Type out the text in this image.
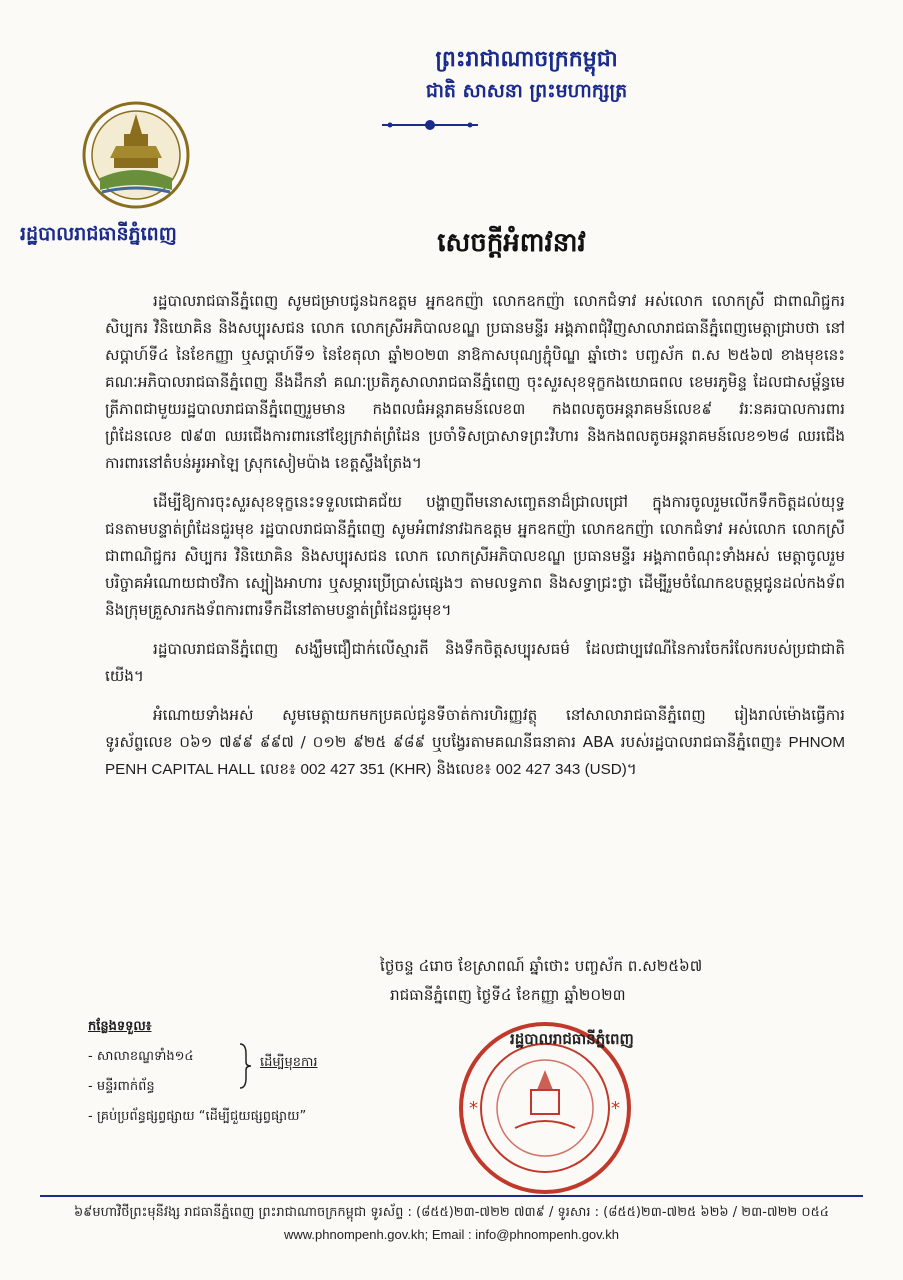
ព្រះរាជាណាចក្រកម្ពុជា
ជាតិ សាសនា ព្រះមហាក្សត្រ
រដ្ឋបាលរាជធានីភ្នំពេញ	សេចក្តីអំពាវនាវ

រដ្ឋបាលរាជធានីភ្នំពេញ សូមជម្រាបជូនឯកឧត្តម អ្នកឧកញ៉ា លោកឧកញ៉ា លោកជំទាវ អស់លោក លោកស្រី ជាពាណិជ្ជករ សិប្បករ វិនិយោគិន និងសប្បុរសជន លោក លោកស្រីអភិបាលខណ្ឌ ប្រធានមន្ទីរ អង្គភាពជុំវិញសាលារាជធានីភ្នំពេញមេត្តាជ្រាបថា នៅ សប្តាហ៍ទី៤ នៃខែកញ្ញា ឬសប្តាហ៍ទី១ នៃខែតុលា ឆ្នាំ២០២៣ នាឱកាសបុណ្យភ្ជុំបិណ្ឌ ឆ្នាំថោះ បញ្ចស័ក ព.ស ២៥៦៧ ខាងមុខនេះ គណៈអភិបាលរាជធានីភ្នំពេញ នឹងដឹកនាំ គណៈប្រតិភូសាលារាជធានីភ្នំពេញ ចុះសួរសុខទុក្ខកងយោធពល ខេមរភូមិន្ទ ដែលជាសម្ព័ន្ធមេត្រីភាពជាមួយរដ្ឋបាលរាជធានីភ្នំពេញរួមមាន កងពលធំអន្តរាគមន៍លេខ៣ កងពលតូចអន្តរាគមន៍លេខ៩ វរៈនគរបាលការពារព្រំដែនលេខ ៧៩៣ ឈរជើងការពារនៅខ្សែក្រវាត់ព្រំដែន ប្រចាំទិសប្រាសាទព្រះវិហារ និងកងពលតូចអន្តរាគមន៍លេខ១២៨ ឈរជើង ការពារនៅតំបន់អូរអាឡៃ ស្រុកសៀមប៉ាង ខេត្តស្ទឹងត្រែង។

ដើម្បីឱ្យការចុះសួរសុខទុក្ខនេះទទួលជោគជ័យ បង្ហាញពីមនោសញ្ចេតនាដ៏ជ្រាលជ្រៅ ក្នុងការចូលរួមលើកទឹកចិត្តដល់យុទ្ធជនតាមបន្ទាត់ព្រំដែនជួរមុខ រដ្ឋបាលរាជធានីភ្នំពេញ សូមអំពាវនាវឯកឧត្តម អ្នកឧកញ៉ា លោកឧកញ៉ា លោកជំទាវ អស់លោក លោកស្រី ជាពាណិជ្ជករ សិប្បករ វិនិយោគិន និងសប្បុរសជន លោក លោកស្រីអភិបាលខណ្ឌ ប្រធានមន្ទីរ អង្គភាពចំណុះទាំងអស់ មេត្តាចូលរួមបរិច្ចាគអំណោយជាថវិកា ស្បៀងអាហារ ឬសម្ភារប្រើប្រាស់ផ្សេងៗ តាមលទ្ធភាព និងសទ្ធាជ្រះថ្លា ដើម្បីរួមចំណែកឧបត្ថម្ភជូនដល់កងទ័ព និងក្រុមគ្រួសារកងទ័ពការពារទឹកដីនៅតាមបន្ទាត់ព្រំដែនជួរមុខ។

រដ្ឋបាលរាជធានីភ្នំពេញ សង្ឃឹមជឿជាក់លើស្មារតី និងទឹកចិត្តសប្បុរសធម៌ ដែលជាប្បវេណីនៃការចែករំលែករបស់ប្រជាជាតិយើង។

អំណោយទាំងអស់ សូមមេត្តាយកមកប្រគល់ជូនទីចាត់ការហិរញ្ញវត្ថុ នៅសាលារាជធានីភ្នំពេញ រៀងរាល់ម៉ោងធ្វើការ ទូរស័ព្ទលេខ ០៦១ ៧៩៩ ៩៩៧ / ០១២ ៩២៥ ៩៨៩ ឬបង្វែរតាមគណនីធនាគារ ABA របស់រដ្ឋបាលរាជធានីភ្នំពេញ៖ PHNOM PENH CAPITAL HALL លេខ៖ 002 427 351 (KHR) និងលេខ៖ 002 427 343 (USD)។

ថ្ងៃចន្ទ ៤រោច ខែស្រាពណ៍ ឆ្នាំថោះ បញ្ចស័ក ព.ស២៥៦៧
រាជធានីភ្នំពេញ ថ្ងៃទី៤ ខែកញ្ញា ឆ្នាំ២០២៣
*	*
រដ្ឋបាលរាជធានីភ្នំពេញ
កន្លែងទទួល៖
- សាលាខណ្ឌទាំង១៤
- មន្ទីរពាក់ព័ន្ធ
- គ្រប់ប្រព័ន្ធផ្សព្វផ្សាយ “ដើម្បីជួយផ្សព្វផ្សាយ”
ដើម្បីមុខការ
៦៩មហាវិថីព្រះមុនីវង្ស រាជធានីភ្នំពេញ ព្រះរាជាណាចក្រកម្ពុជា ទូរស័ព្ទ : (៨៥៥)២៣-៧២២ ៧៣៩ / ទូរសារ : (៨៥៥)២៣-៧២៥ ៦២៦ / ២៣-៧២២ ០៥៤
www.phnompenh.gov.kh; Email : info@phnompenh.gov.kh
